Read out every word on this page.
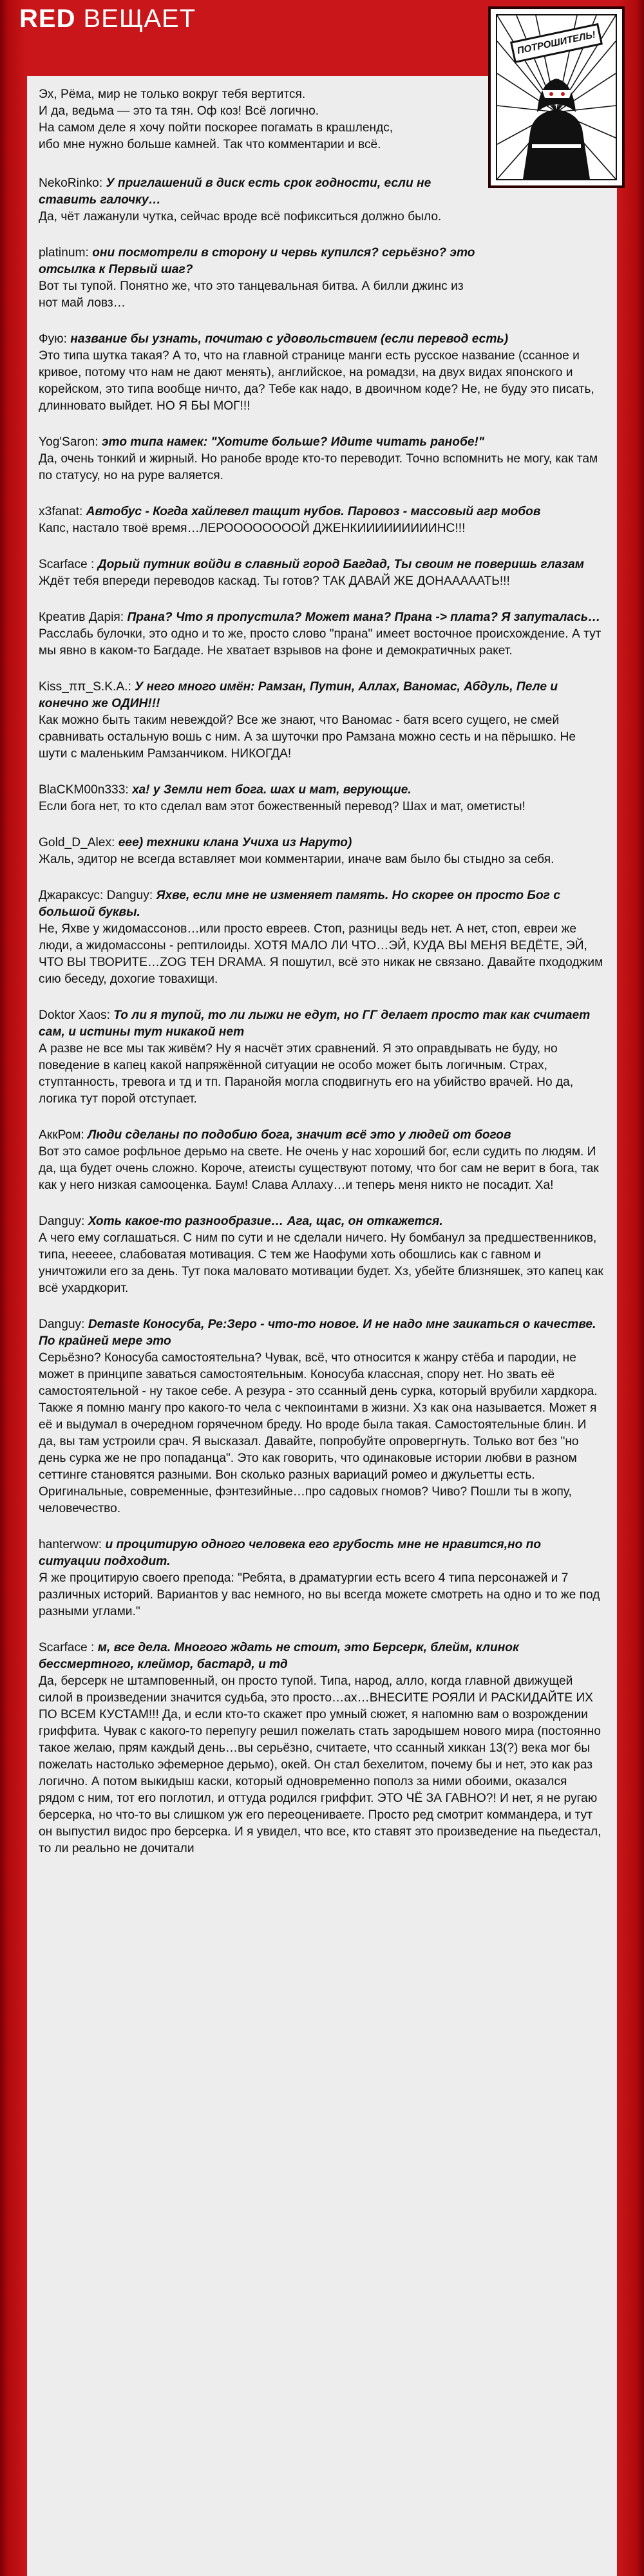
RED ВЕЩАЕТ
ПОТРОШИТЕЛЬ!
Эх, Рёма, мир не только вокруг тебя вертится.
И да, ведьма — это та тян. Оф коз! Всё логично.
На самом деле я хочу пойти поскорее погамать в крашлендс,
ибо мне нужно больше камней. Так что комментарии и всё.
NekoRinko: У приглашений в диск есть срок годности, если не ставить галочку…
Да, чёт лажанули чутка, сейчас вроде всё пофикситься должно было.
platinum: они посмотрели в сторону и червь купился? серьёзно? это отсылка к Первый шаг?
Вот ты тупой. Понятно же, что это танцевальная битва. А билли джинс из нот май ловз…
Фую: название бы узнать, почитаю с удовольствием (если перевод есть)
Это типа шутка такая? А то, что на главной странице манги есть русское название (ссанное и кривое, потому что нам не дают менять), английское, на ромадзи, на двух видах японского и корейском, это типа вообще ничто, да? Тебе как надо, в двоичном коде? Не, не буду это писать, длинновато выйдет. НО Я БЫ МОГ!!!
Yog'Saron: это типа намек: "Хотите больше? Идите читать ранобе!"
Да, очень тонкий и жирный. Но ранобе вроде кто-то переводит. Точно вспомнить не могу, как там по статусу, но на руре валяется.
x3fanat: Автобус - Когда хайлевел тащит нубов. Паровоз - массовый агр мобов
Капс, настало твоё время…ЛЕРООООООООЙ ДЖЕНКИИИИИИИИИНС!!!
Scarface : Дорый путник войди в славный город Багдад, Ты своим не поверишь глазам
Ждёт тебя впереди переводов каскад. Ты готов? ТАК ДАВАЙ ЖЕ ДОНАААААТЬ!!!
Креатив Дарія: Прана? Что я пропустила? Может мана? Прана -> плата? Я запуталась…
Расслабь булочки, это одно и то же, просто слово "прана" имеет восточное происхождение. А тут мы явно в каком-то Багдаде. Не хватает взрывов на фоне и демократичных ракет.
Kiss_ππ_S.K.A.: У него много имён: Рамзан, Путин, Аллах, Ваномас, Абдуль, Пеле и конечно же ОДИН!!!
Как можно быть таким невеждой? Все же знают, что Ваномас - батя всего сущего, не смей сравнивать остальную вошь с ним. А за шуточки про Рамзана можно сесть и на пёрышко. Не шути с маленьким Рамзанчиком. НИКОГДА!
BlaCKM00n333: ха! у Земли нет бога. шах и мат, верующие.
Если бога нет, то кто сделал вам этот божественный перевод? Шах и мат, ометисты!
Gold_D_Alex: еее) техники клана Учиха из Наруто)
Жаль, эдитор не всегда вставляет мои комментарии, иначе вам было бы стыдно за себя.
Джараксус: Danguy: Яхве, если мне не изменяет память. Но скорее он просто Бог с большой буквы.
Не, Яхве у жидомассонов…или просто евреев. Стоп, разницы ведь нет. А нет, стоп, евреи же люди, а жидомассоны - рептилоиды. ХОТЯ МАЛО ЛИ ЧТО…ЭЙ, КУДА ВЫ МЕНЯ ВЕДЁТЕ, ЭЙ, ЧТО ВЫ ТВОРИТЕ…ZOG ТЕН DRAMA. Я пошутил, всё это никак не связано. Давайте пхододжим сию беседу, дохогие товахищи.
Doktor Xaos: То ли я тупой, то ли лыжи не едут, но ГГ делает просто так как считает сам, и истины тут никакой нет
А разве не все мы так живём? Ну я насчёт этих сравнений. Я это оправдывать не буду, но поведение в капец какой напряжённой ситуации не особо может быть логичным. Страх, ступтанность, тревога и тд и тп. Паранойя могла сподвигнуть его на убийство врачей. Но да, логика тут порой отступает.
АккРом: Люди сделаны по подобию бога, значит всё это у людей от богов
Вот это самое рофльное дерьмо на свете. Не очень у нас хороший бог, если судить по людям. И да, ща будет очень сложно. Короче, атеисты существуют потому, что бог сам не верит в бога, так как у него низкая самооценка. Баум! Слава Аллаху…и теперь меня никто не посадит. Ха!
Danguy: Хоть какое-то разнообразие… Ага, щас, он откажется.
А чего ему соглашаться. С ним по сути и не сделали ничего. Ну бомбанул за предшественников, типа, неееее, слабоватая мотивация. С тем же Наофуми хоть обошлись как с гавном и уничтожили его за день. Тут пока маловато мотивации будет. Хз, убейте близняшек, это капец как всё ухардкорит.
Danguy: Demaste Коносуба, Ре:Зеро - что-то новое. И не надо мне заикаться о качестве. По крайней мере это
Серьёзно? Коносуба самостоятельна? Чувак, всё, что относится к жанру стёба и пародии, не может в принципе заваться самостоятельным. Коносуба классная, спору нет. Но звать её самостоятельной - ну такое себе. А резура - это ссанный день сурка, который врубили хардкора. Также я помню мангу про какого-то чела с чекпоинтами в жизни. Хз как она называется. Может я её и выдумал в очередном горячечном бреду. Но вроде была такая. Самостоятельные блин. И да, вы там устроили срач. Я высказал. Давайте, попробуйте опровергнуть. Только вот без "но день сурка же не про попаданца". Это как говорить, что одинаковые истории любви в разном сеттинге становятся разными. Вон сколько разных вариаций ромео и джульетты есть. Оригинальные, современные, фэнтезийные…про садовых гномов? Чиво? Пошли ты в жопу, человечество.
hanterwow: и процитирую одного человека его грубость мне не нравится,но по ситуации подходит.
Я же процитирую своего препода: "Ребята, в драматургии есть всего 4 типа персонажей и 7 различных историй. Вариантов у вас немного, но вы всегда можете смотреть на одно и то же под разными углами."
Scarface : м, все дела. Многого ждать не стоит, это Берсерк, блейм, клинок бессмертного, клеймор, бастард, и тд
Да, берсерк не штамповенный, он просто тупой. Типа, народ, алло, когда главной движущей силой в произведении значится судьба, это просто…ах…ВНЕСИТЕ РОЯЛИ И РАСКИДАЙТЕ ИХ ПО ВСЕМ КУСТАМ!!! Да, и если кто-то скажет про умный сюжет, я напомню вам о возрождении гриффита. Чувак с какого-то перепугу решил пожелать стать зародышем нового мира (постоянно такое желаю, прям каждый день…вы серьёзно, считаете, что ссанный хиккан 13(?) века мог бы пожелать настолько эфемерное дерьмо), окей. Он стал бехелитом, почему бы и нет, это как раз логично. А потом выкидыш каски, который одновременно пополз за ними обоими, оказался рядом с ним, тот его поглотил, и оттуда родился гриффит. ЭТО ЧЁ ЗА ГАВНО?! И нет, я не ругаю берсерка, но что-то вы слишком уж его переоцениваете. Просто ред смотрит коммандера, и тут он выпустил видос про берсерка. И я увидел, что все, кто ставят это произведение на пьедестал, то ли реально не дочитали
